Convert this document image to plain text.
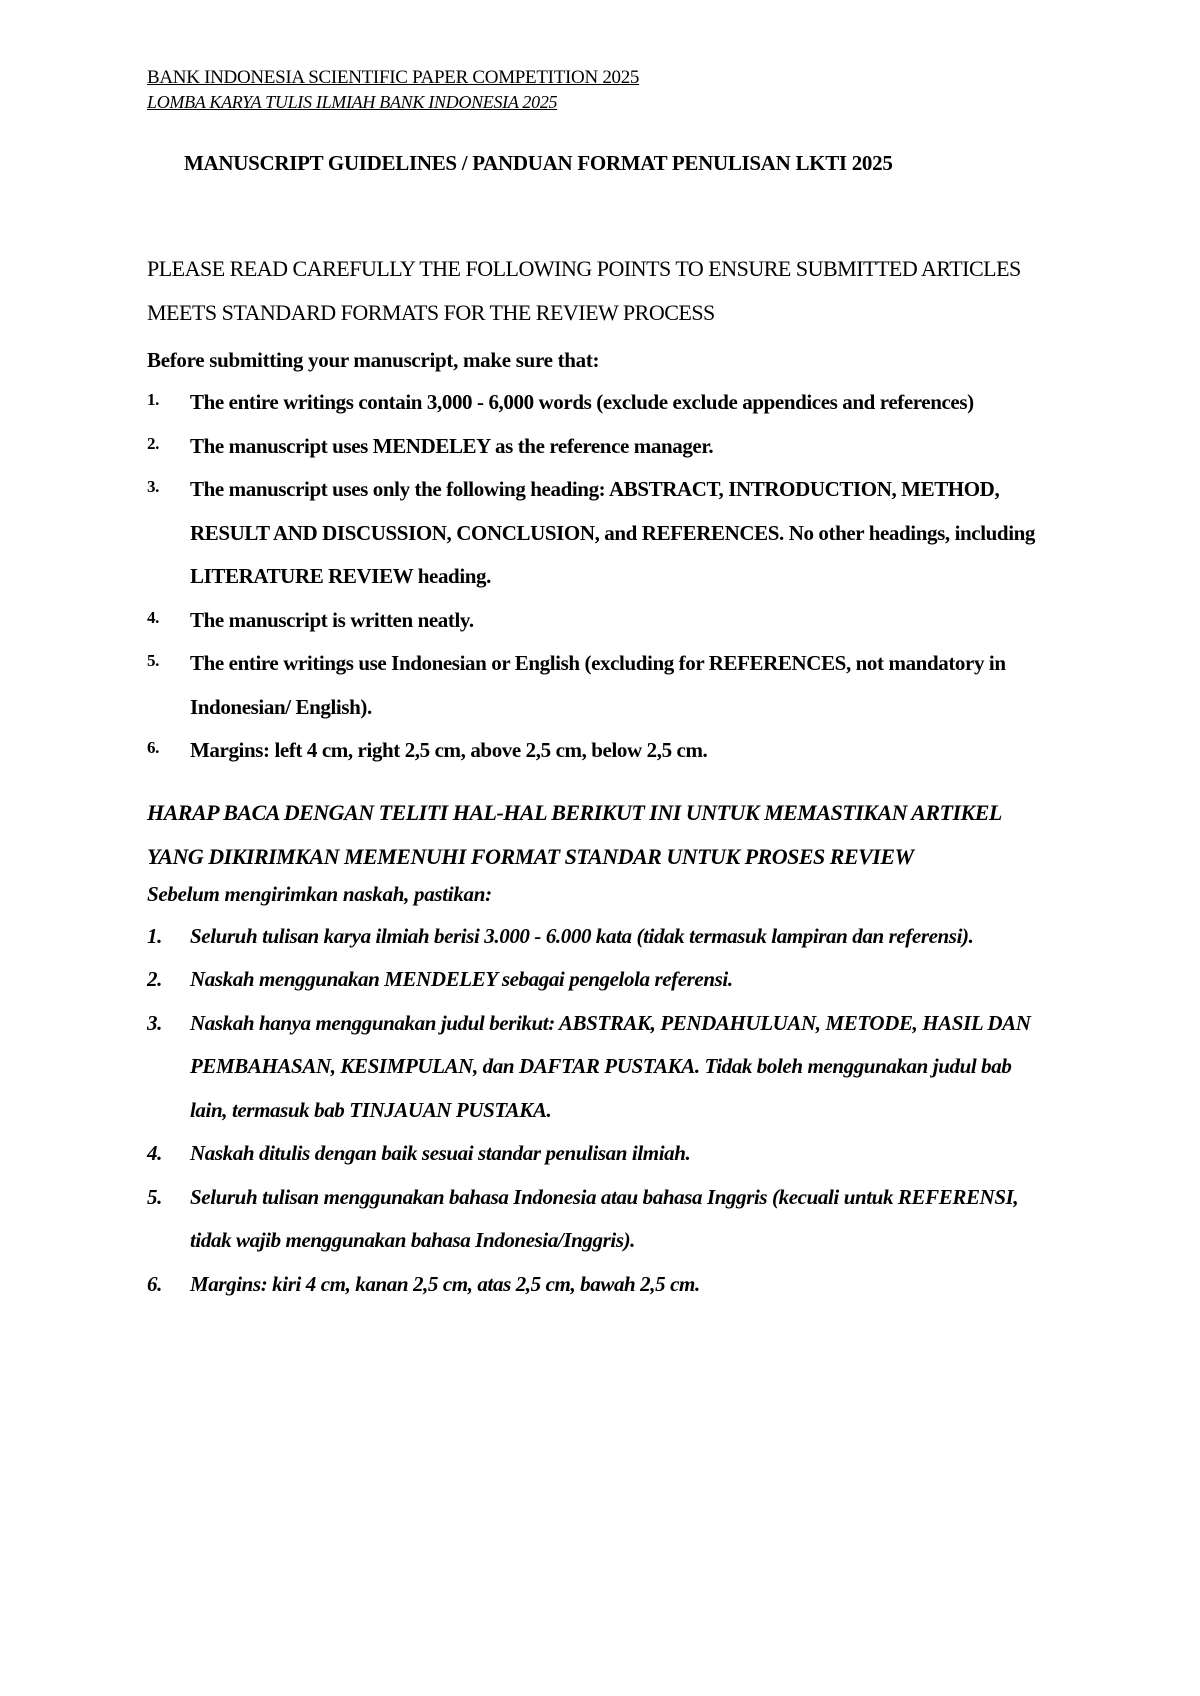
BANK INDONESIA SCIENTIFIC PAPER COMPETITION 2025
LOMBA KARYA TULIS ILMIAH BANK INDONESIA 2025
MANUSCRIPT GUIDELINES / PANDUAN FORMAT PENULISAN LKTI 2025
PLEASE READ CAREFULLY THE FOLLOWING POINTS TO ENSURE SUBMITTED ARTICLES MEETS STANDARD FORMATS FOR THE REVIEW PROCESS
Before submitting your manuscript, make sure that:
1. The entire writings contain 3,000 - 6,000 words (exclude exclude appendices and references)
2. The manuscript uses MENDELEY as the reference manager.
3. The manuscript uses only the following heading: ABSTRACT, INTRODUCTION, METHOD, RESULT AND DISCUSSION, CONCLUSION, and REFERENCES. No other headings, including LITERATURE REVIEW heading.
4. The manuscript is written neatly.
5. The entire writings use Indonesian or English (excluding for REFERENCES, not mandatory in Indonesian/ English).
6. Margins: left 4 cm, right 2,5 cm, above 2,5 cm, below 2,5 cm.
HARAP BACA DENGAN TELITI HAL-HAL BERIKUT INI UNTUK MEMASTIKAN ARTIKEL YANG DIKIRIMKAN MEMENUHI FORMAT STANDAR UNTUK PROSES REVIEW
Sebelum mengirimkan naskah, pastikan:
1. Seluruh tulisan karya ilmiah berisi 3.000 - 6.000 kata (tidak termasuk lampiran dan referensi).
2. Naskah menggunakan MENDELEY sebagai pengelola referensi.
3. Naskah hanya menggunakan judul berikut: ABSTRAK, PENDAHULUAN, METODE, HASIL DAN PEMBAHASAN, KESIMPULAN, dan DAFTAR PUSTAKA. Tidak boleh menggunakan judul bab lain, termasuk bab TINJAUAN PUSTAKA.
4. Naskah ditulis dengan baik sesuai standar penulisan ilmiah.
5. Seluruh tulisan menggunakan bahasa Indonesia atau bahasa Inggris (kecuali untuk REFERENSI, tidak wajib menggunakan bahasa Indonesia/Inggris).
6. Margins: kiri 4 cm, kanan 2,5 cm, atas 2,5 cm, bawah 2,5 cm.
